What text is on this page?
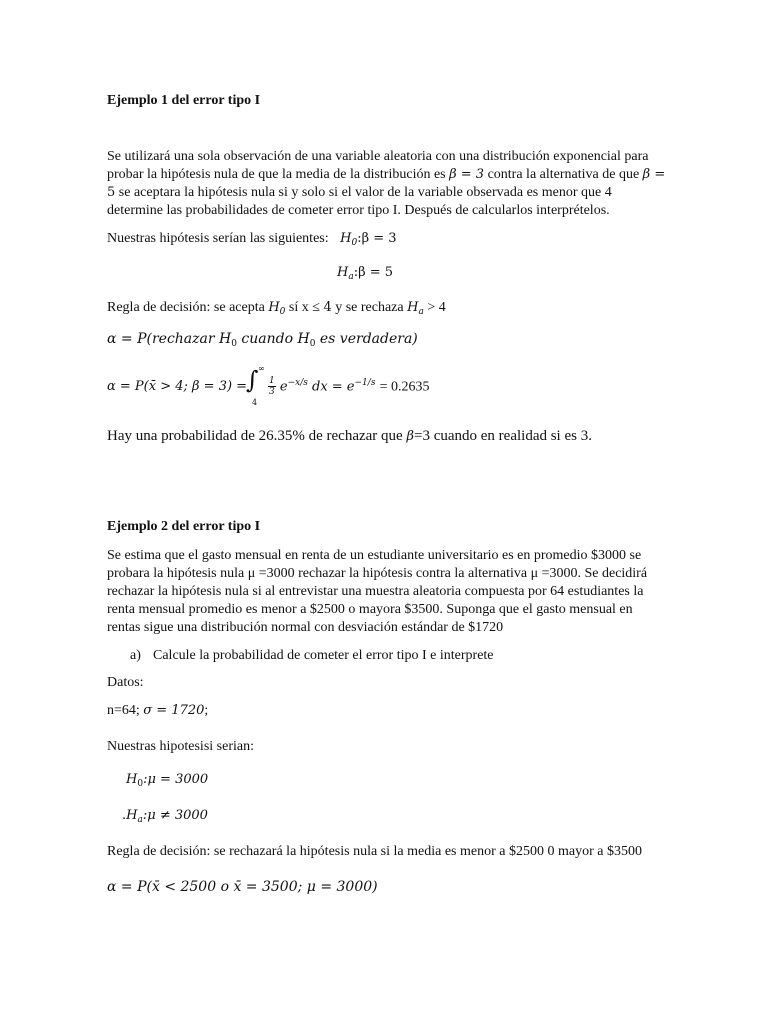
Ejemplo 1 del error tipo I
Se utilizará una sola observación de una variable aleatoria con una distribución exponencial para
probar la hipótesis nula de que la media de la distribución es β = 3 contra la alternativa de que β =
5 se aceptara la hipótesis nula si y solo si el valor de la variable observada es menor que 4
determine las probabilidades de cometer error tipo I. Después de calcularlos interprételos.
Nuestras hipótesis serían las siguientes: $H_0:\beta = 3$
$H_a:\beta = 5$
Regla de decisión: se acepta $H_0$ sí x ≤ 4 y se rechaza $H_a > 4$
α = P(rechazar $H_0$ cuando $H_0$ es verdadera)
α = P(x̄ > 4; β = 3) =
∫ ∞
4
$\frac{1}{3} e^{-x/s}$ dx = $e^{-1/s} = 0.2635$
Hay una probabilidad de 26.35% de rechazar que β=3 cuando en realidad si es 3.
Ejemplo 2 del error tipo I
Se estima que el gasto mensual en renta de un estudiante universitario es en promedio $3000 se
probara la hipótesis nula μ =3000 rechazar la hipótesis contra la alternativa μ =3000. Se decidirá
rechazar la hipótesis nula si al entrevistar una muestra aleatoria compuesta por 64 estudiantes la
renta mensual promedio es menor a $2500 o mayora $3500. Suponga que el gasto mensual en
rentas sigue una distribución normal con desviación estándar de $1720
a) Calcule la probabilidad de cometer el error tipo I e interprete
Datos:
n=64; σ = 1720;
Nuestras hipotesisi serian:
$H_0:\mu = 3000$
$.H_a:\mu \ne 3000$
Regla de decisión: se rechazará la hipótesis nula si la media es menor a $2500 0 mayor a $3500
α = P(x̄ < 2500 o x̄ = 3500; μ = 3000)
